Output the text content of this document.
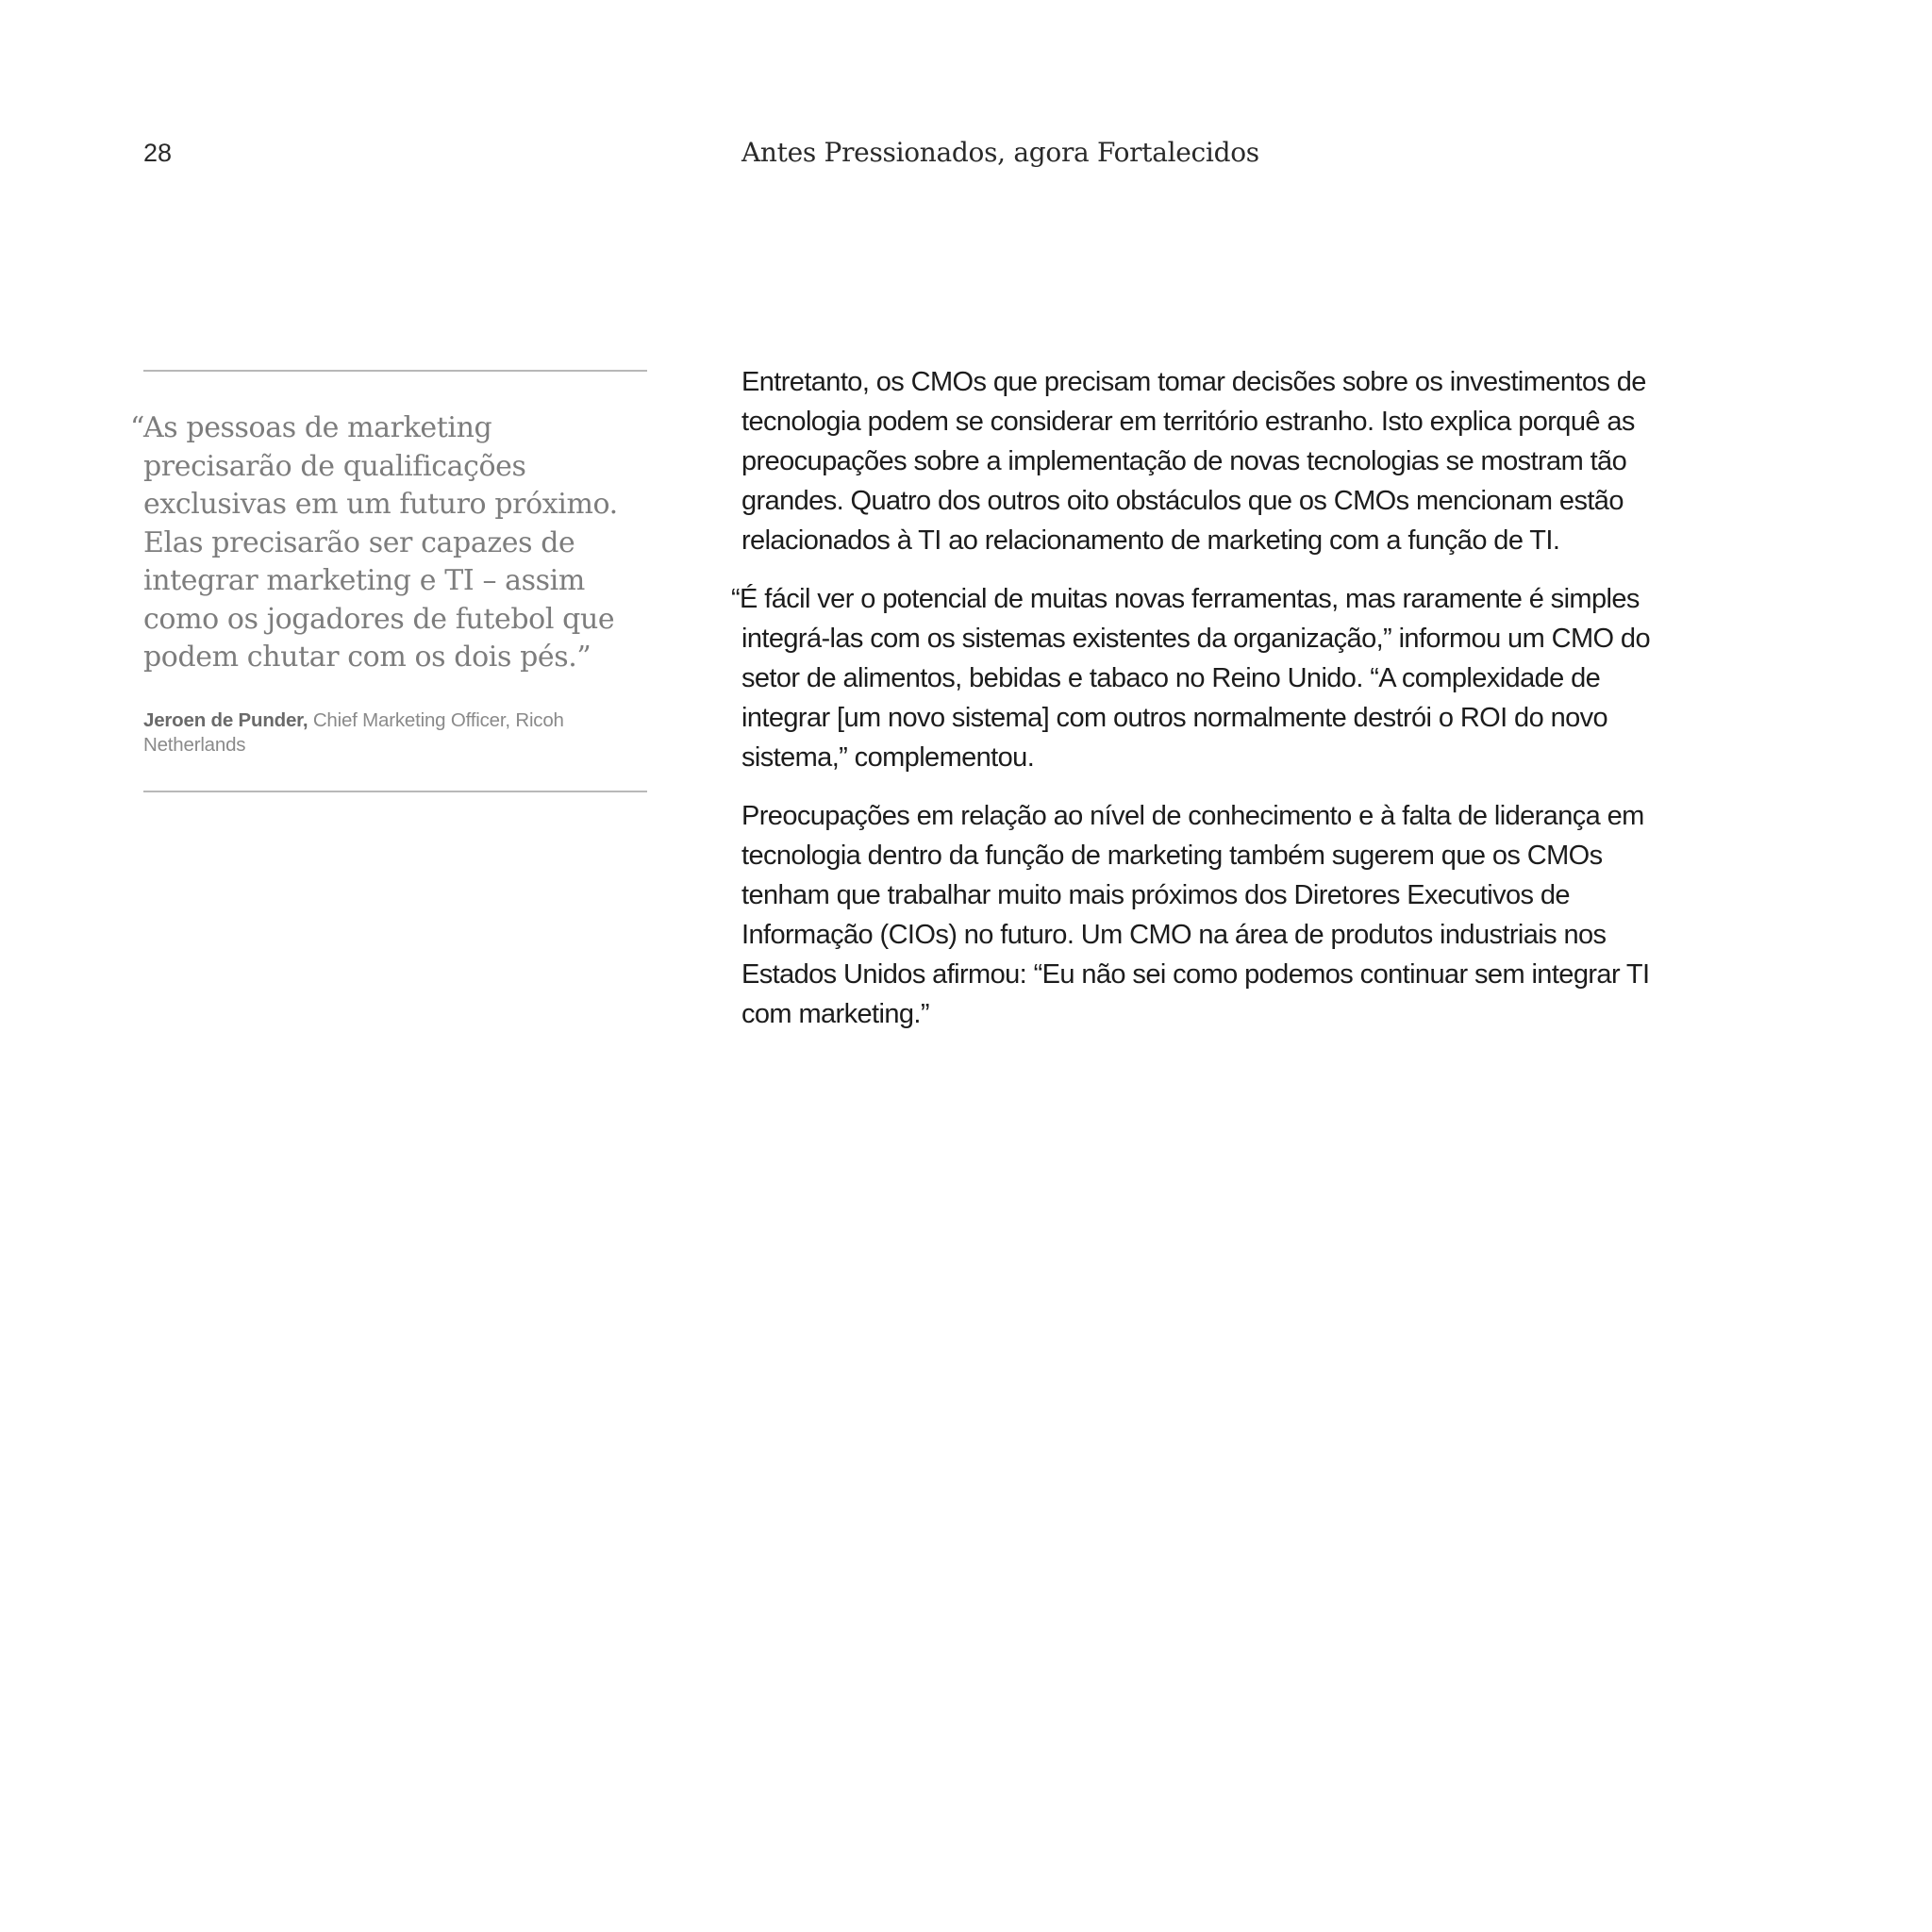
28	Antes Pressionados, agora Fortalecidos

“ As pessoas de marketing precisarão de qualificações exclusivas em um futuro próximo. Elas precisarão ser capazes de integrar marketing e TI – assim como os jogadores de futebol que podem chutar com os dois pés.”

Jeroen de Punder, Chief Marketing Officer, Ricoh Netherlands

Entretanto, os CMOs que precisam tomar decisões sobre os investimentos de tecnologia podem se considerar em território estranho. Isto explica porquê as preocupações sobre a implementação de novas tecnologias se mostram tão grandes. Quatro dos outros oito obstáculos que os CMOs mencionam estão relacionados à TI ao relacionamento de marketing com a função de TI.

“É fácil ver o potencial de muitas novas ferramentas, mas raramente é simples integrá-las com os sistemas existentes da organização,” informou um CMO do setor de alimentos, bebidas e tabaco no Reino Unido. “A complexidade de integrar [um novo sistema] com outros normalmente destrói o ROI do novo sistema,” complementou.

Preocupações em relação ao nível de conhecimento e à falta de liderança em tecnologia dentro da função de marketing também sugerem que os CMOs tenham que trabalhar muito mais próximos dos Diretores Executivos de Informação (CIOs) no futuro. Um CMO na área de produtos industriais nos Estados Unidos afirmou: “Eu não sei como podemos continuar sem integrar TI com marketing.”
